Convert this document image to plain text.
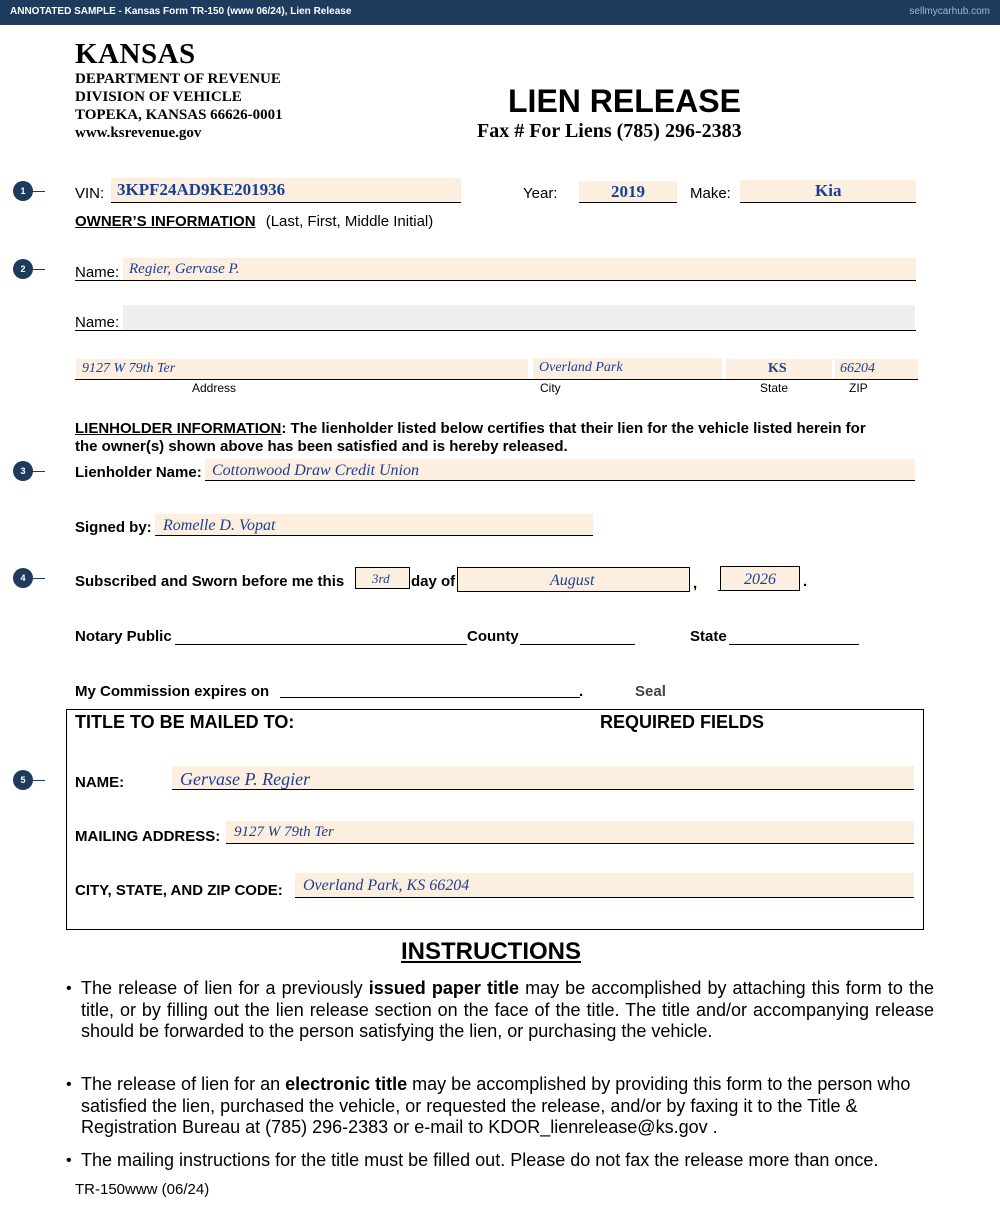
ANNOTATED SAMPLE - Kansas Form TR-150 (www 06/24), Lien Release	sellmycarhub.com
KANSAS
DEPARTMENT OF REVENUE
DIVISION OF VEHICLE
TOPEKA, KANSAS 66626-0001
www.ksrevenue.gov
LIEN RELEASE
Fax # For Liens (785) 296-2383
1
2
3
4
5
VIN: 3KPF24AD9KE201936	Year:	2019	Make:	Kia
OWNER’S INFORMATION (Last, First, Middle Initial)
Name: Regier, Gervase P.
Name:
9127 W 79th Ter	Overland Park	KS	66204
Address	City	State	ZIP
LIENHOLDER INFORMATION: The lienholder listed below certifies that their lien for the vehicle listed herein for
the owner(s) shown above has been satisfied and is hereby released.
Lienholder Name: Cottonwood Draw Credit Union
Signed by: Romelle D. Vopat
Subscribed and Sworn before me this 3rd day of	August	,	2026 .
Notary Public	County	State
My Commission expires on	.	Seal
TITLE TO BE MAILED TO:	REQUIRED FIELDS
NAME:	Gervase P. Regier
MAILING ADDRESS: 9127 W 79th Ter
CITY, STATE, AND ZIP CODE: Overland Park, KS 66204
INSTRUCTIONS
• The release of lien for a previously issued paper title may be accomplished by attaching this form to the title, or by filling out the lien release section on the face of the title. The title and/or accompanying release should be forwarded to the person satisfying the lien, or purchasing the vehicle.
• The release of lien for an electronic title may be accomplished by providing this form to the person who satisfied the lien, purchased the vehicle, or requested the release, and/or by faxing it to the Title & Registration Bureau at (785) 296-2383 or e-mail to KDOR_lienrelease@ks.gov .
• The mailing instructions for the title must be filled out. Please do not fax the release more than once.
TR-150www (06/24)
